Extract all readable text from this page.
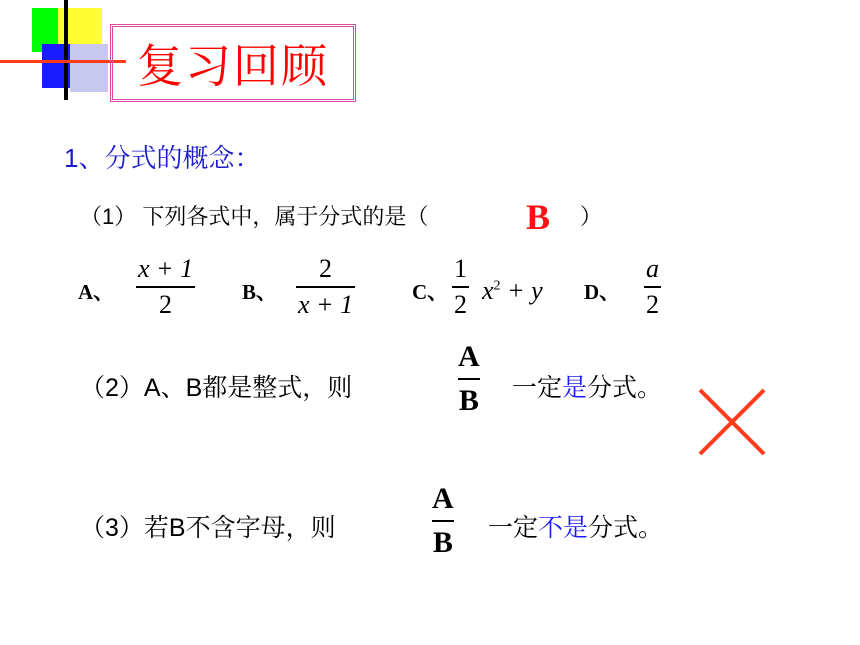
复习回顾
1、分式的概念：
（1） 下列各式中，属于分式的是（	B ）
A、
x + 1
2	B、
2
x + 1	C、
1
2 $x^2 + y$ D、
a
2
（2）A、B都是整式，则
A
B 一定是分式。
（3）若B不含字母，则
A
B 一定不是分式。
